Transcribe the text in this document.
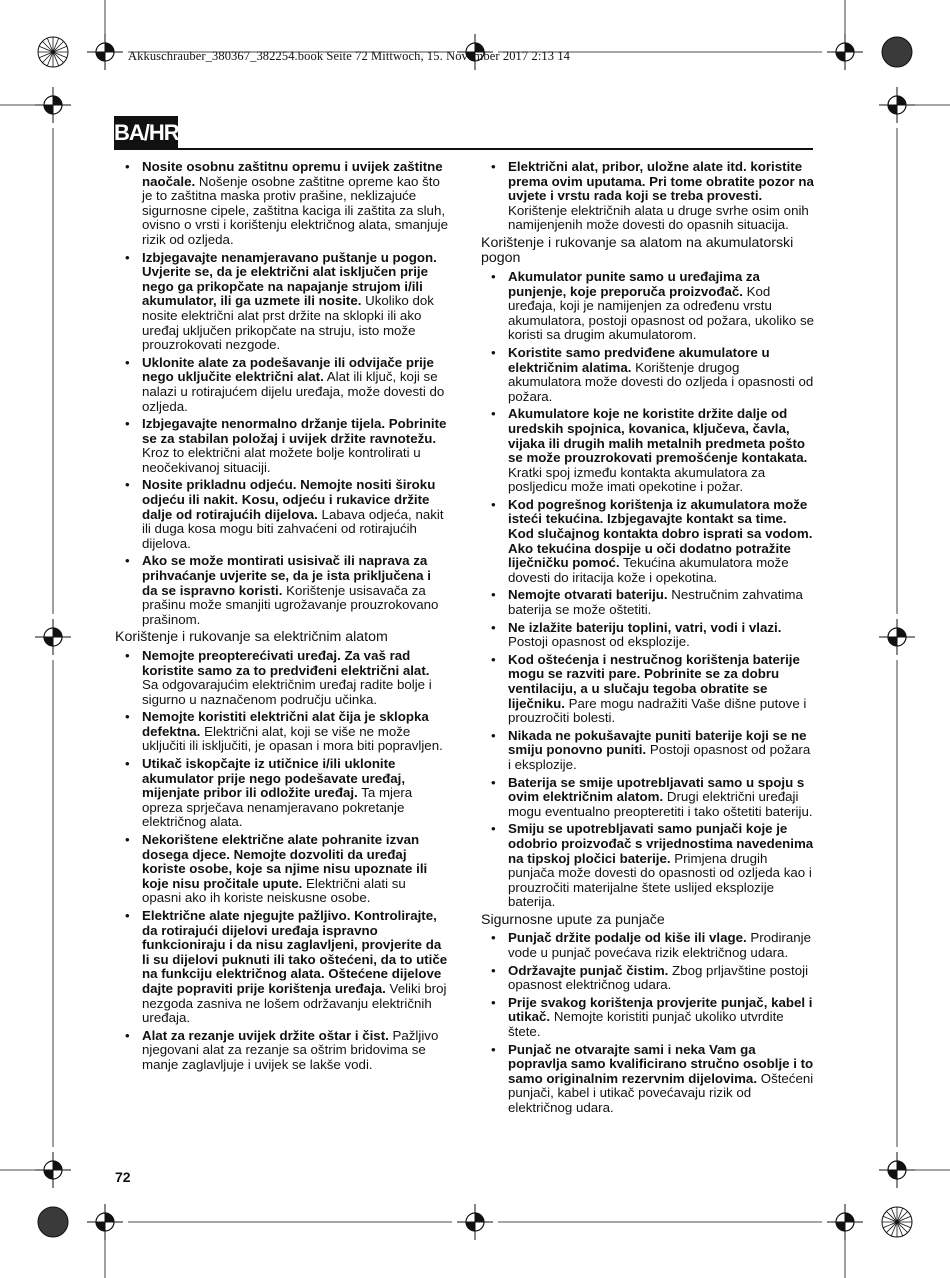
Akkuschrauber_380367_382254.book Seite 72 Mittwoch, 15. November 2017 2:13 14
BA/HR
• Nosite osobnu zaštitnu opremu i uvijek zaštitne naočale. Nošenje osobne zaštitne opreme kao što je to zaštitna maska protiv prašine, neklizajuće sigurnosne cipele, zaštitna kaciga ili zaštita za sluh, ovisno o vrsti i korištenju električnog alata, smanjuje rizik od ozljeda.
• Izbjegavajte nenamjeravano puštanje u pogon. Uvjerite se, da je električni alat isključen prije nego ga prikopčate na napajanje strujom i/ili akumulator, ili ga uzmete ili nosite. Ukoliko dok nosite električni alat prst držite na sklopki ili ako uređaj uključen prikopčate na struju, isto može prouzrokovati nezgode.
• Uklonite alate za podešavanje ili odvijače prije nego uključite električni alat. Alat ili ključ, koji se nalazi u rotirajućem dijelu uređaja, može dovesti do ozljeda.
• Izbjegavajte nenormalno držanje tijela. Pobrinite se za stabilan položaj i uvijek držite ravnotežu. Kroz to električni alat možete bolje kontrolirati u neočekivanoj situaciji.
• Nosite prikladnu odjeću. Nemojte nositi široku odjeću ili nakit. Kosu, odjeću i rukavice držite dalje od rotirajućih dijelova. Labava odjeća, nakit ili duga kosa mogu biti zahvaćeni od rotirajućih dijelova.
• Ako se može montirati usisivač ili naprava za prihvaćanje uvjerite se, da je ista priključena i da se ispravno koristi. Korištenje usisavača za prašinu može smanjiti ugrožavanje prouzrokovano prašinom.
Korištenje i rukovanje sa električnim alatom
• Nemojte preopterećivati uređaj. Za vaš rad koristite samo za to predviđeni električni alat. Sa odgovarajućim električnim uređaj radite bolje i sigurno u naznačenom području učinka.
• Nemojte koristiti električni alat čija je sklopka defektna. Električni alat, koji se više ne može uključiti ili isključiti, je opasan i mora biti popravljen.
• Utikač iskopčajte iz utičnice i/ili uklonite akumulator prije nego podešavate uređaj, mijenjate pribor ili odložite uređaj. Ta mjera opreza sprječava nenamjeravano pokretanje električnog alata.
• Nekorištene električne alate pohranite izvan dosega djece. Nemojte dozvoliti da uređaj koriste osobe, koje sa njime nisu upoznate ili koje nisu pročitale upute. Električni alati su opasni ako ih koriste neiskusne osobe.
• Električne alate njegujte pažljivo. Kontrolirajte, da rotirajući dijelovi uređaja ispravno funkcioniraju i da nisu zaglavljeni, provjerite da li su dijelovi puknuti ili tako oštećeni, da to utiče na funkciju električnog alata. Oštećene dijelove dajte popraviti prije korištenja uređaja. Veliki broj nezgoda zasniva ne lošem održavanju električnih uređaja.
• Alat za rezanje uvijek držite oštar i čist. Pažljivo njegovani alat za rezanje sa oštrim bridovima se manje zaglavljuje i uvijek se lakše vodi.
• Električni alat, pribor, uložne alate itd. koristite prema ovim uputama. Pri tome obratite pozor na uvjete i vrstu rada koji se treba provesti. Korištenje električnih alata u druge svrhe osim onih namijenjenih može dovesti do opasnih situacija.
Korištenje i rukovanje sa alatom na akumulatorski pogon
• Akumulator punite samo u uređajima za punjenje, koje preporuča proizvođač. Kod uređaja, koji je namijenjen za određenu vrstu akumulatora, postoji opasnost od požara, ukoliko se koristi sa drugim akumulatorom.
• Koristite samo predviđene akumulatore u električnim alatima. Korištenje drugog akumulatora može dovesti do ozljeda i opasnosti od požara.
• Akumulatore koje ne koristite držite dalje od uredskih spojnica, kovanica, ključeva, čavla, vijaka ili drugih malih metalnih predmeta pošto se može prouzrokovati premošćenje kontakata. Kratki spoj između kontakta akumulatora za posljedicu može imati opekotine i požar.
• Kod pogrešnog korištenja iz akumulatora može isteći tekućina. Izbjegavajte kontakt sa time. Kod slučajnog kontakta dobro isprati sa vodom. Ako tekućina dospije u oči dodatno potražite liječničku pomoć. Tekućina akumulatora može dovesti do iritacija kože i opekotina.
• Nemojte otvarati bateriju. Nestručnim zahvatima baterija se može oštetiti.
• Ne izlažite bateriju toplini, vatri, vodi i vlazi. Postoji opasnost od eksplozije.
• Kod oštećenja i nestručnog korištenja baterije mogu se razviti pare. Pobrinite se za dobru ventilaciju, a u slučaju tegoba obratite se liječniku. Pare mogu nadražiti Vaše dišne putove i prouzročiti bolesti.
• Nikada ne pokušavajte puniti baterije koji se ne smiju ponovno puniti. Postoji opasnost od požara i eksplozije.
• Baterija se smije upotrebljavati samo u spoju s ovim električnim alatom. Drugi električni uređaji mogu eventualno preopteretiti i tako oštetiti bateriju.
• Smiju se upotrebljavati samo punjači koje je odobrio proizvođač s vrijednostima navedenima na tipskoj pločici baterije. Primjena drugih punjača može dovesti do opasnosti od ozljeda kao i prouzročiti materijalne štete uslijed eksplozije baterija.
Sigurnosne upute za punjače
• Punjač držite podalje od kiše ili vlage. Prodiranje vode u punjač povećava rizik električnog udara.
• Održavajte punjač čistim. Zbog prljavštine postoji opasnost električnog udara.
• Prije svakog korištenja provjerite punjač, kabel i utikač. Nemojte koristiti punjač ukoliko utvrdite štete.
• Punjač ne otvarajte sami i neka Vam ga popravlja samo kvalificirano stručno osoblje i to samo originalnim rezervnim dijelovima. Oštećeni punjači, kabel i utikač povećavaju rizik od električnog udara.
72
